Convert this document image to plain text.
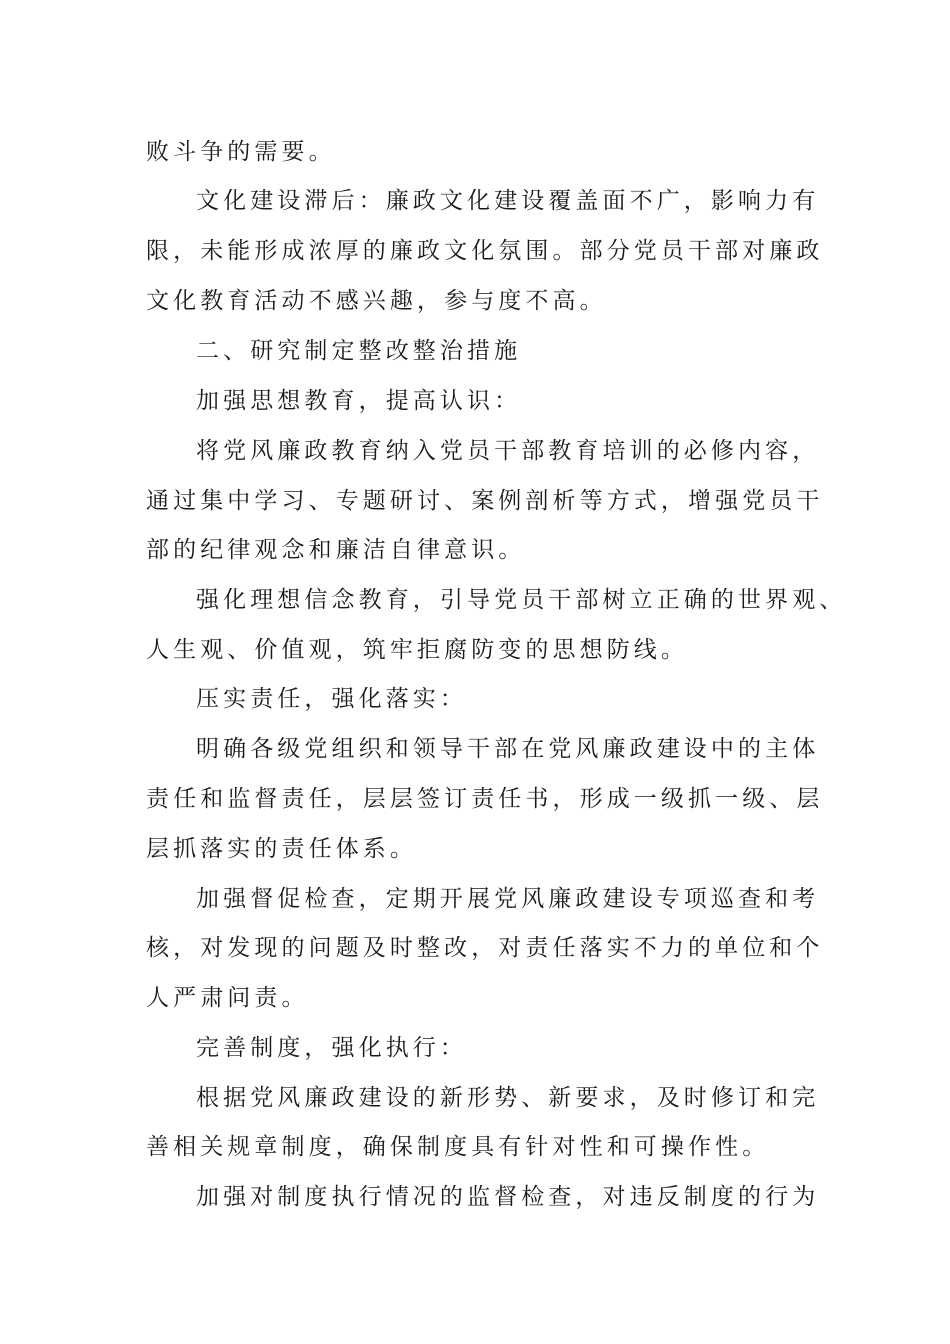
败斗争的需要。
文化建设滞后：廉政文化建设覆盖面不广，影响力有
限，未能形成浓厚的廉政文化氛围。部分党员干部对廉政
文化教育活动不感兴趣，参与度不高。
二、研究制定整改整治措施
加强思想教育，提高认识：
将党风廉政教育纳入党员干部教育培训的必修内容，
通过集中学习、专题研讨、案例剖析等方式，增强党员干
部的纪律观念和廉洁自律意识。
强化理想信念教育，引导党员干部树立正确的世界观、
人生观、价值观，筑牢拒腐防变的思想防线。
压实责任，强化落实：
明确各级党组织和领导干部在党风廉政建设中的主体
责任和监督责任，层层签订责任书，形成一级抓一级、层
层抓落实的责任体系。
加强督促检查，定期开展党风廉政建设专项巡查和考
核，对发现的问题及时整改，对责任落实不力的单位和个
人严肃问责。
完善制度，强化执行：
根据党风廉政建设的新形势、新要求，及时修订和完
善相关规章制度，确保制度具有针对性和可操作性。
加强对制度执行情况的监督检查，对违反制度的行为
